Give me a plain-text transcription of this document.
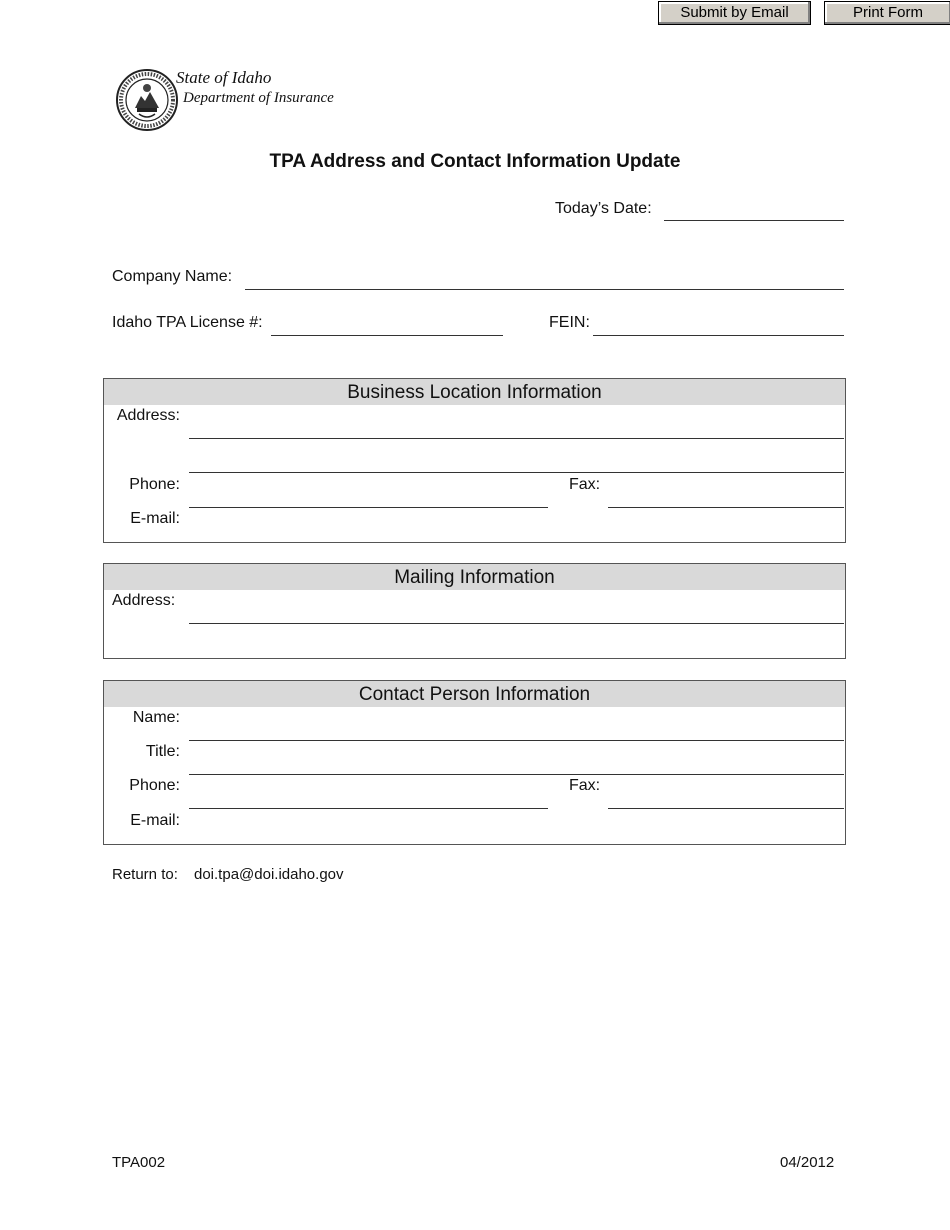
Submit by Email	Print Form
State of Idaho
Department of Insurance
TPA Address and Contact Information Update
Today’s Date:
Company Name:
Idaho TPA License #:	FEIN:
Business Location Information
Address:
Phone:	Fax:
E-mail:
Mailing Information
Address:
Contact Person Information
Name:
Title:
Phone:	Fax:
E-mail:
Return to: doi.tpa@doi.idaho.gov
TPA002	04/2012
